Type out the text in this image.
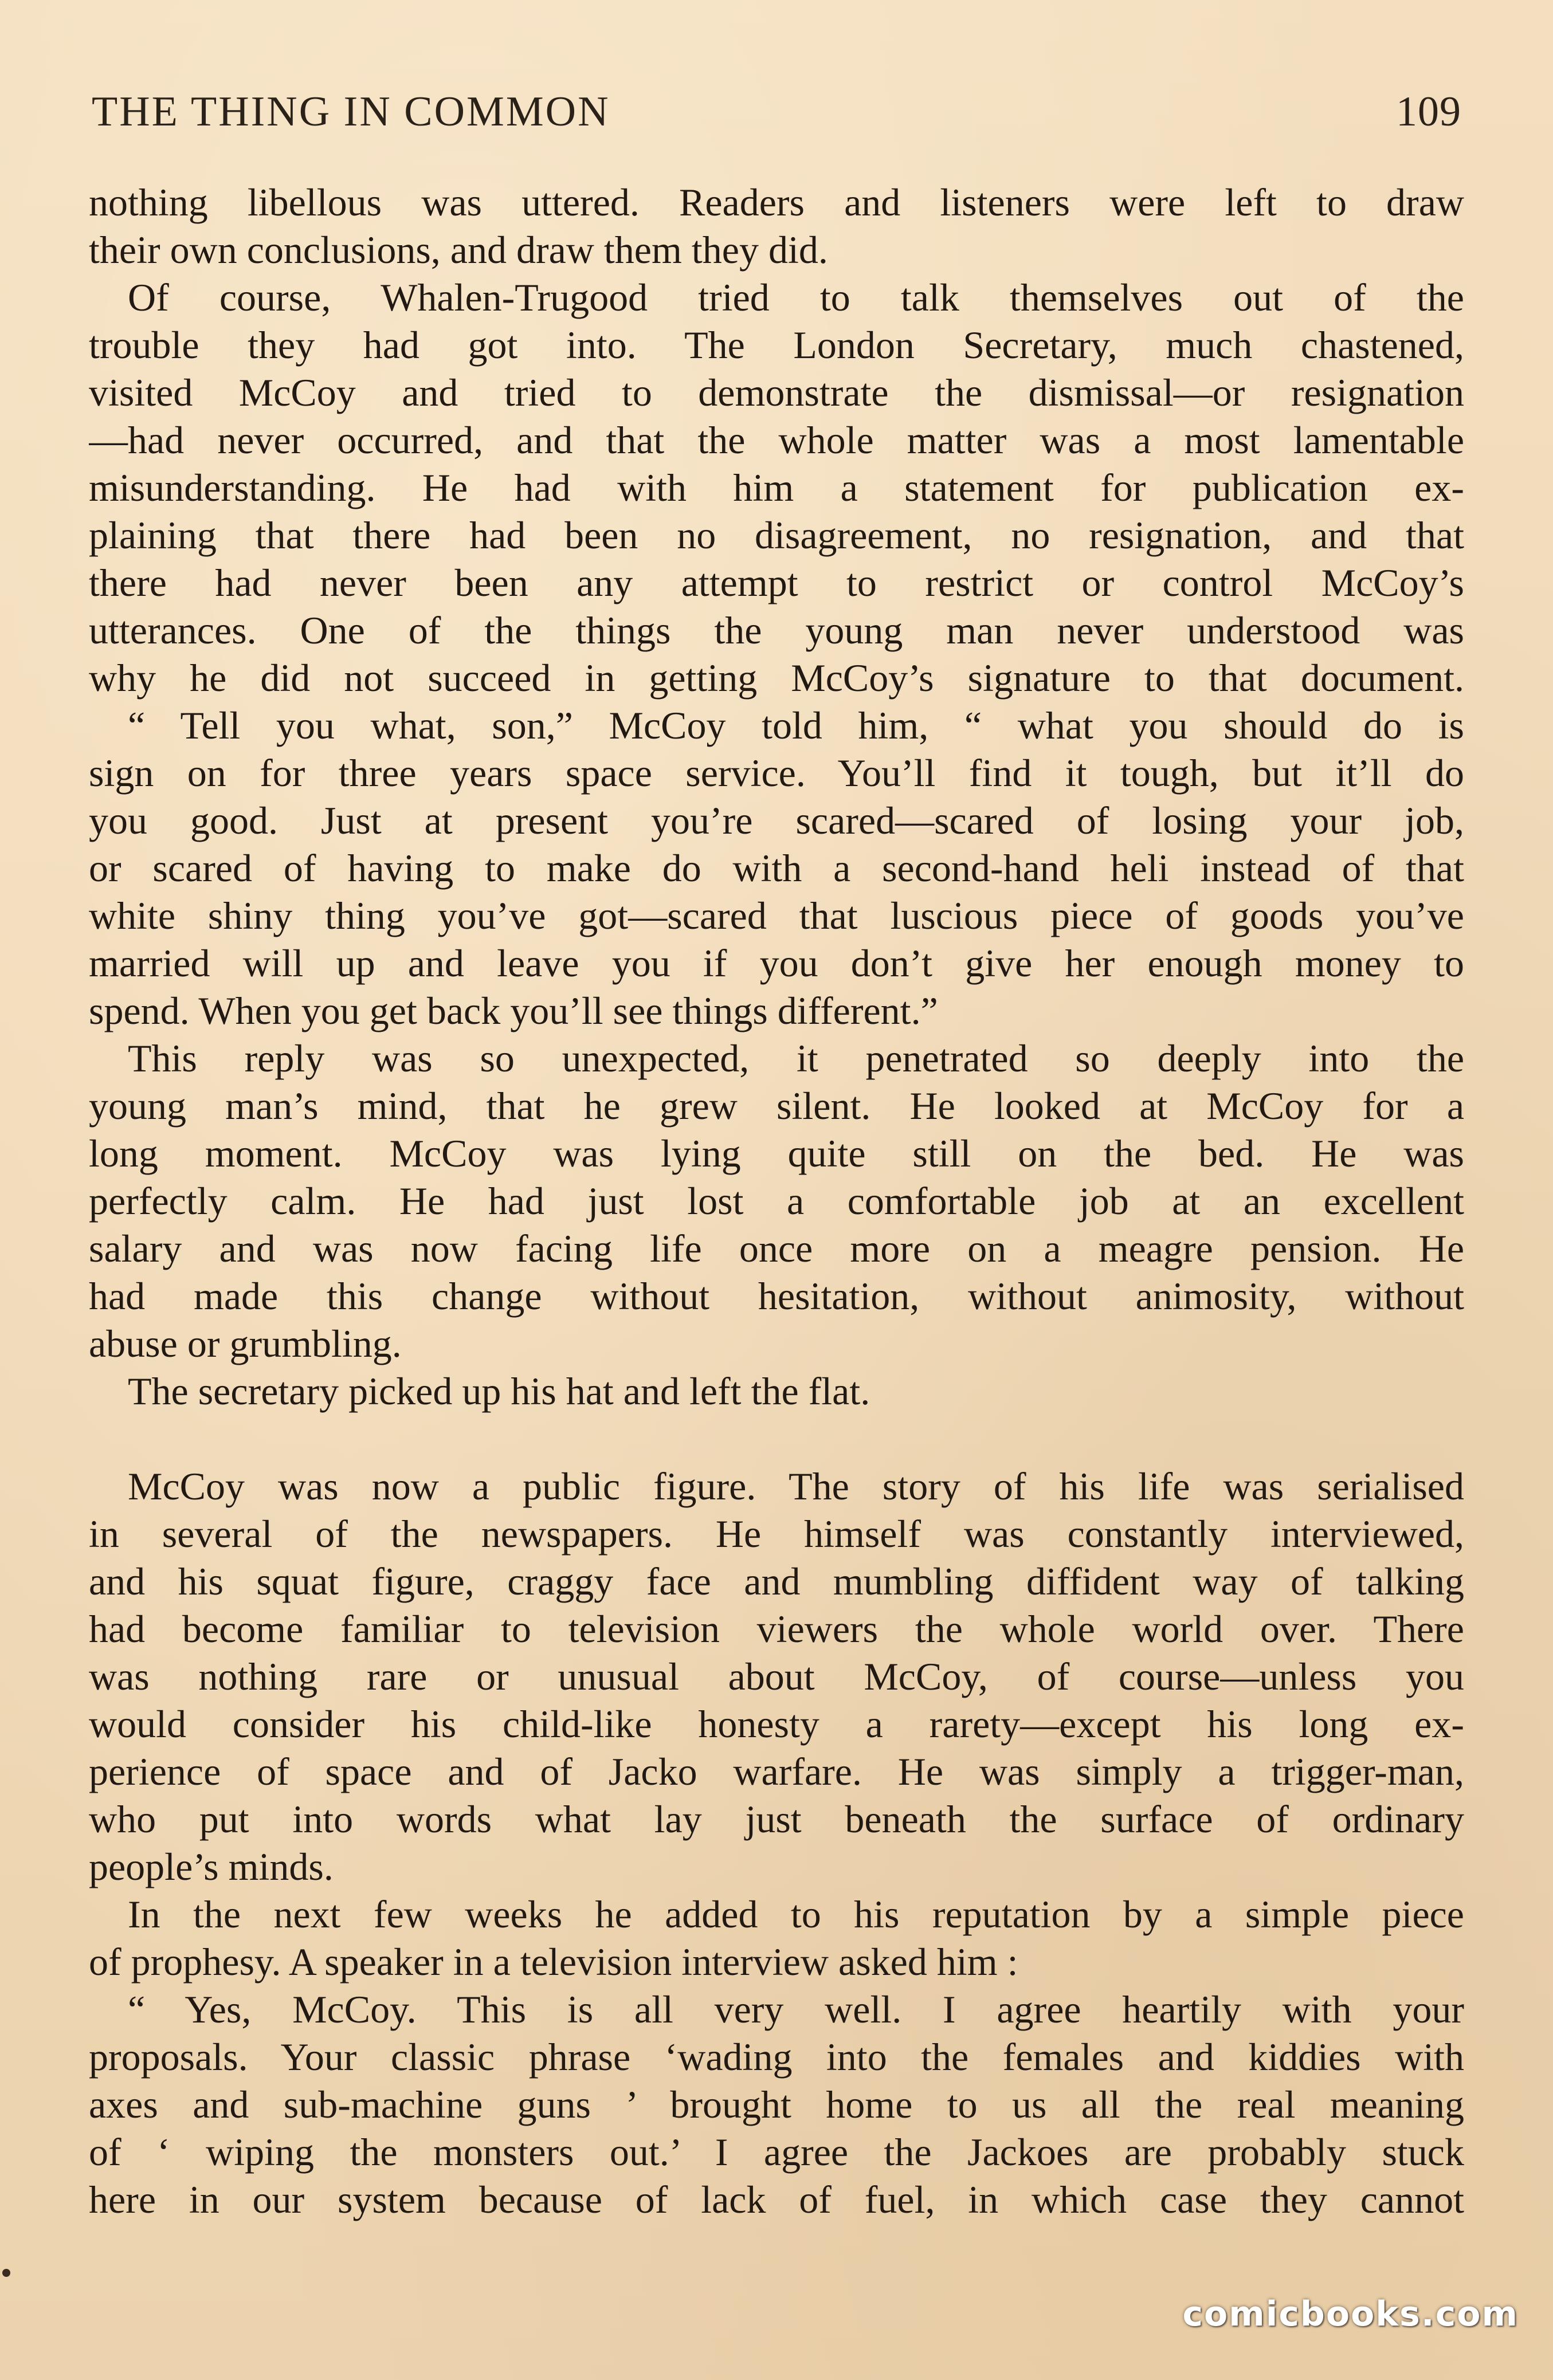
THE THING IN COMMON	109
nothing libellous was uttered. Readers and listeners were left to draw
their own conclusions, and draw them they did.
Of course, Whalen-Trugood tried to talk themselves out of the
trouble they had got into. The London Secretary, much chastened,
visited McCoy and tried to demonstrate the dismissal—or resignation
—had never occurred, and that the whole matter was a most lamentable
misunderstanding. He had with him a statement for publication ex-
plaining that there had been no disagreement, no resignation, and that
there had never been any attempt to restrict or control McCoy’s
utterances. One of the things the young man never understood was
why he did not succeed in getting McCoy’s signature to that document.
“ Tell you what, son,” McCoy told him, “ what you should do is
sign on for three years space service. You’ll find it tough, but it’ll do
you good. Just at present you’re scared—scared of losing your job,
or scared of having to make do with a second-hand heli instead of that
white shiny thing you’ve got—scared that luscious piece of goods you’ve
married will up and leave you if you don’t give her enough money to
spend. When you get back you’ll see things different.”
This reply was so unexpected, it penetrated so deeply into the
young man’s mind, that he grew silent. He looked at McCoy for a
long moment. McCoy was lying quite still on the bed. He was
perfectly calm. He had just lost a comfortable job at an excellent
salary and was now facing life once more on a meagre pension. He
had made this change without hesitation, without animosity, without
abuse or grumbling.
The secretary picked up his hat and left the flat.
McCoy was now a public figure. The story of his life was serialised
in several of the newspapers. He himself was constantly interviewed,
and his squat figure, craggy face and mumbling diffident way of talking
had become familiar to television viewers the whole world over. There
was nothing rare or unusual about McCoy, of course—unless you
would consider his child-like honesty a rarety—except his long ex-
perience of space and of Jacko warfare. He was simply a trigger-man,
who put into words what lay just beneath the surface of ordinary
people’s minds.
In the next few weeks he added to his reputation by a simple piece
of prophesy. A speaker in a television interview asked him :
“ Yes, McCoy. This is all very well. I agree heartily with your
proposals. Your classic phrase ‘wading into the females and kiddies with
axes and sub-machine guns ’ brought home to us all the real meaning
of ‘ wiping the monsters out.’ I agree the Jackoes are probably stuck
here in our system because of lack of fuel, in which case they cannot
comicbooks.com
